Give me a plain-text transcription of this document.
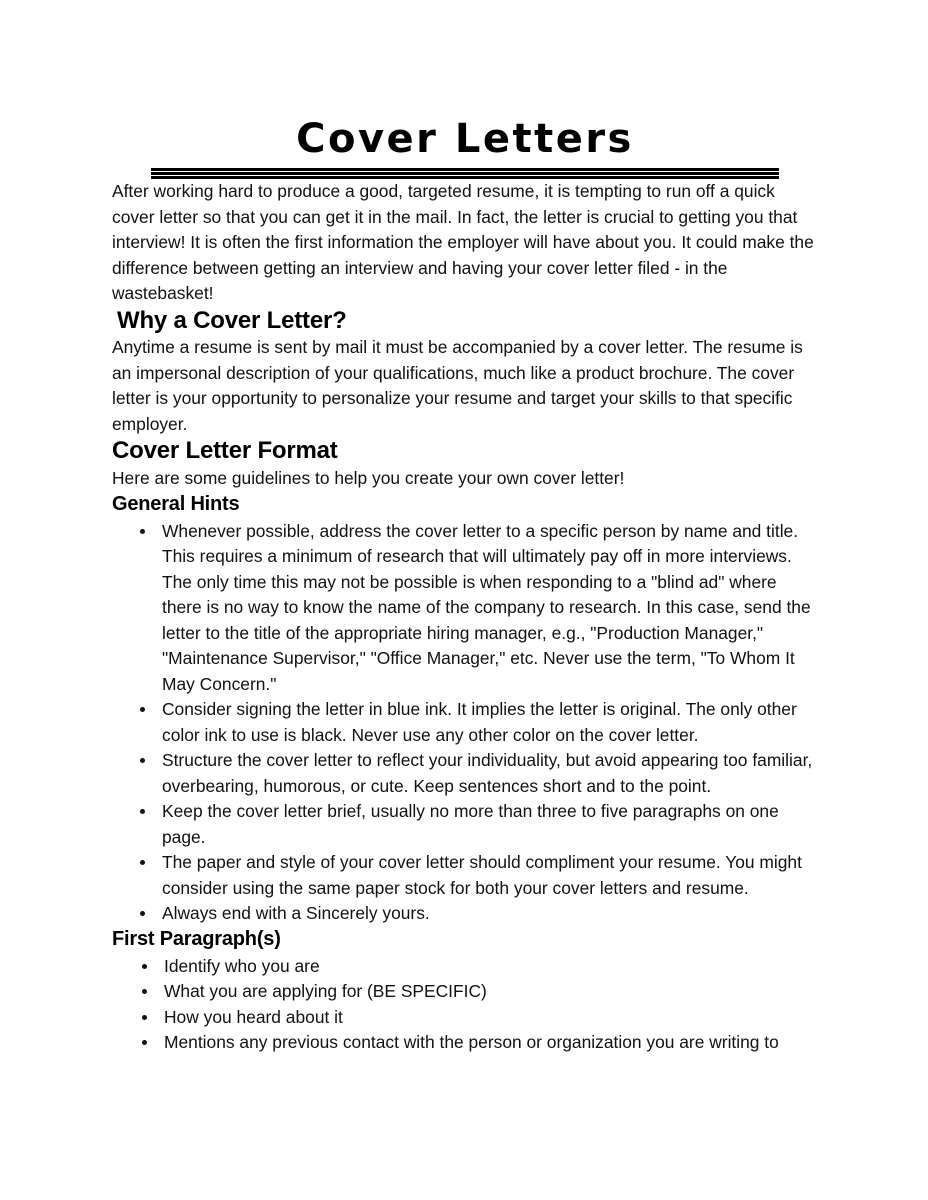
Cover Letters

After working hard to produce a good, targeted resume, it is tempting to run off a quick cover letter so that you can get it in the mail. In fact, the letter is crucial to getting you that interview! It is often the first information the employer will have about you. It could make the difference between getting an interview and having your cover letter filed - in the wastebasket!

Why a Cover Letter?

Anytime a resume is sent by mail it must be accompanied by a cover letter. The resume is an impersonal description of your qualifications, much like a product brochure. The cover letter is your opportunity to personalize your resume and target your skills to that specific employer.

Cover Letter Format

Here are some guidelines to help you create your own cover letter!

General Hints
Whenever possible, address the cover letter to a specific person by name and title. This requires a minimum of research that will ultimately pay off in more interviews. The only time this may not be possible is when responding to a "blind ad" where there is no way to know the name of the company to research. In this case, send the letter to the title of the appropriate hiring manager, e.g., "Production Manager," "Maintenance Supervisor," "Office Manager," etc. Never use the term, "To Whom It May Concern."
Consider signing the letter in blue ink. It implies the letter is original. The only other color ink to use is black. Never use any other color on the cover letter.
Structure the cover letter to reflect your individuality, but avoid appearing too familiar, overbearing, humorous, or cute. Keep sentences short and to the point.
Keep the cover letter brief, usually no more than three to five paragraphs on one page.
The paper and style of your cover letter should compliment your resume. You might consider using the same paper stock for both your cover letters and resume.
Always end with a Sincerely yours.
First Paragraph(s)
Identify who you are
What you are applying for (BE SPECIFIC)
How you heard about it
Mentions any previous contact with the person or organization you are writing to
